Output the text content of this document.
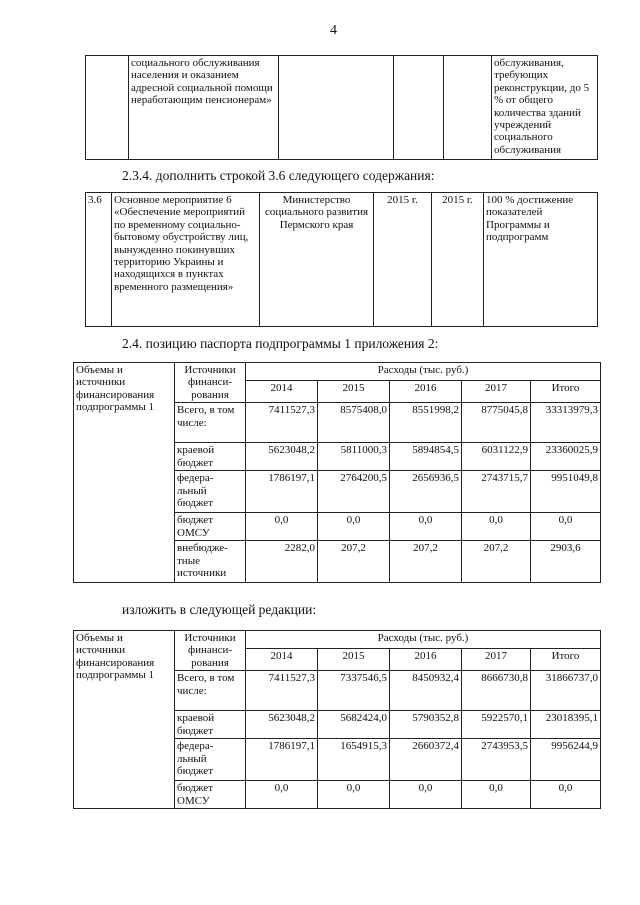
4
	социального обслуживания населения и оказанием адресной социальной помощи неработающим пенсионерам»				обслуживания, требующих реконструкции, до 5 % от общего количества зданий учреждений социального обслуживания
2.3.4. дополнить строкой 3.6 следующего содержания:
3.6	Основное мероприятие 6 «Обеспечение мероприятий по временному социально-бытовому обустройству лиц, вынужденно покинувших территорию Украины и находящихся в пунктах временного размещения»	Министерство социального развития Пермского края	2015 г.	2015 г.	100 % достижение показателей Программы и подпрограмм
2.4. позицию паспорта подпрограммы 1 приложения 2:
Объемы и источники финансирования подпрограммы 1	Источники финанси-рования	Расходы (тыс. руб.)				
		2014	2015	2016	2017	Итого
	Всего, в том числе:	7411527,3	8575408,0	8551998,2	8775045,8	33313979,3
	краевой бюджет	5623048,2	5811000,3	5894854,5	6031122,9	23360025,9
	федера-льный бюджет	1786197,1	2764200,5	2656936,5	2743715,7	9951049,8
	бюджет ОМСУ	0,0	0,0	0,0	0,0	0,0
	внебюдже-тные источники	2282,0	207,2	207,2	207,2	2903,6
изложить в следующей редакции:
Объемы и источники финансирования подпрограммы 1	Источники финанси-рования	Расходы (тыс. руб.)				
		2014	2015	2016	2017	Итого
	Всего, в том числе:	7411527,3	7337546,5	8450932,4	8666730,8	31866737,0
	краевой бюджет	5623048,2	5682424,0	5790352,8	5922570,1	23018395,1
	федера-льный бюджет	1786197,1	1654915,3	2660372,4	2743953,5	9956244,9
	бюджет ОМСУ	0,0	0,0	0,0	0,0	0,0
